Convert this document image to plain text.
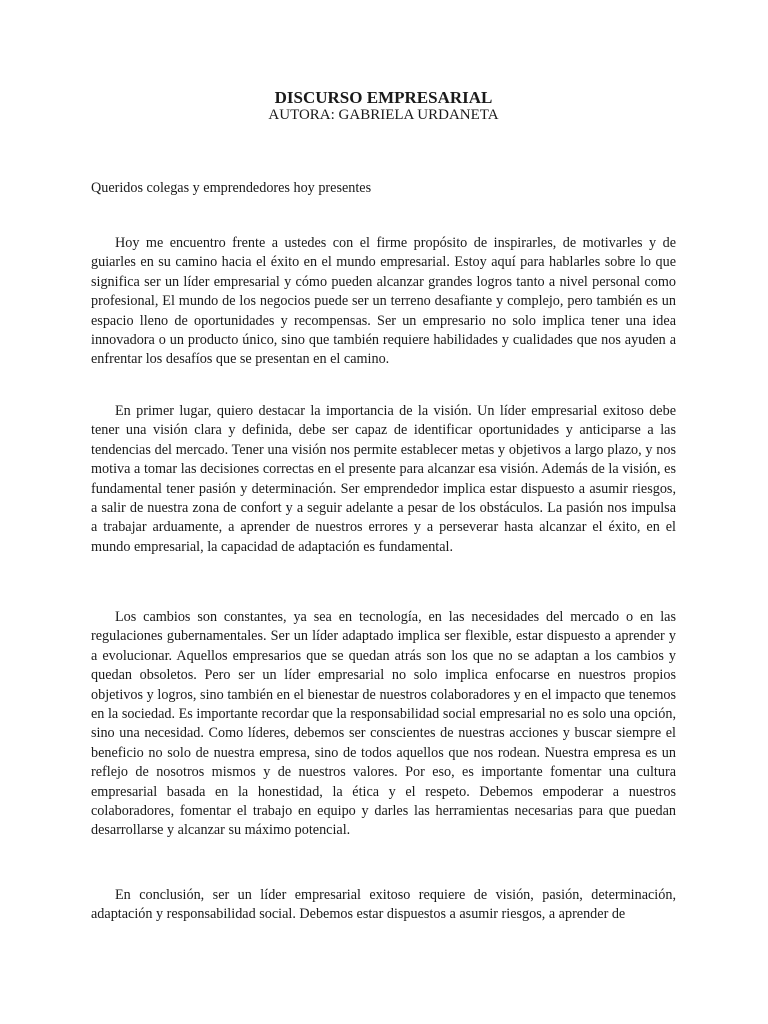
DISCURSO EMPRESARIAL
AUTORA: GABRIELA URDANETA

Queridos colegas y emprendedores hoy presentes

Hoy me encuentro frente a ustedes con el firme propósito de inspirarles, de motivarles y de guiarles en su camino hacia el éxito en el mundo empresarial. Estoy aquí para hablarles sobre lo que significa ser un líder empresarial y cómo pueden alcanzar grandes logros tanto a nivel personal como profesional, El mundo de los negocios puede ser un terreno desafiante y complejo, pero también es un espacio lleno de oportunidades y recompensas. Ser un empresario no solo implica tener una idea innovadora o un producto único, sino que también requiere habilidades y cualidades que nos ayuden a enfrentar los desafíos que se presentan en el camino.

En primer lugar, quiero destacar la importancia de la visión. Un líder empresarial exitoso debe tener una visión clara y definida, debe ser capaz de identificar oportunidades y anticiparse a las tendencias del mercado. Tener una visión nos permite establecer metas y objetivos a largo plazo, y nos motiva a tomar las decisiones correctas en el presente para alcanzar esa visión. Además de la visión, es fundamental tener pasión y determinación. Ser emprendedor implica estar dispuesto a asumir riesgos, a salir de nuestra zona de confort y a seguir adelante a pesar de los obstáculos. La pasión nos impulsa a trabajar arduamente, a aprender de nuestros errores y a perseverar hasta alcanzar el éxito, en el mundo empresarial, la capacidad de adaptación es fundamental.

Los cambios son constantes, ya sea en tecnología, en las necesidades del mercado o en las regulaciones gubernamentales. Ser un líder adaptado implica ser flexible, estar dispuesto a aprender y a evolucionar. Aquellos empresarios que se quedan atrás son los que no se adaptan a los cambios y quedan obsoletos. Pero ser un líder empresarial no solo implica enfocarse en nuestros propios objetivos y logros, sino también en el bienestar de nuestros colaboradores y en el impacto que tenemos en la sociedad. Es importante recordar que la responsabilidad social empresarial no es solo una opción, sino una necesidad. Como líderes, debemos ser conscientes de nuestras acciones y buscar siempre el beneficio no solo de nuestra empresa, sino de todos aquellos que nos rodean. Nuestra empresa es un reflejo de nosotros mismos y de nuestros valores. Por eso, es importante fomentar una cultura empresarial basada en la honestidad, la ética y el respeto. Debemos empoderar a nuestros colaboradores, fomentar el trabajo en equipo y darles las herramientas necesarias para que puedan desarrollarse y alcanzar su máximo potencial.

En conclusión, ser un líder empresarial exitoso requiere de visión, pasión, determinación, adaptación y responsabilidad social. Debemos estar dispuestos a asumir riesgos, a aprender de
